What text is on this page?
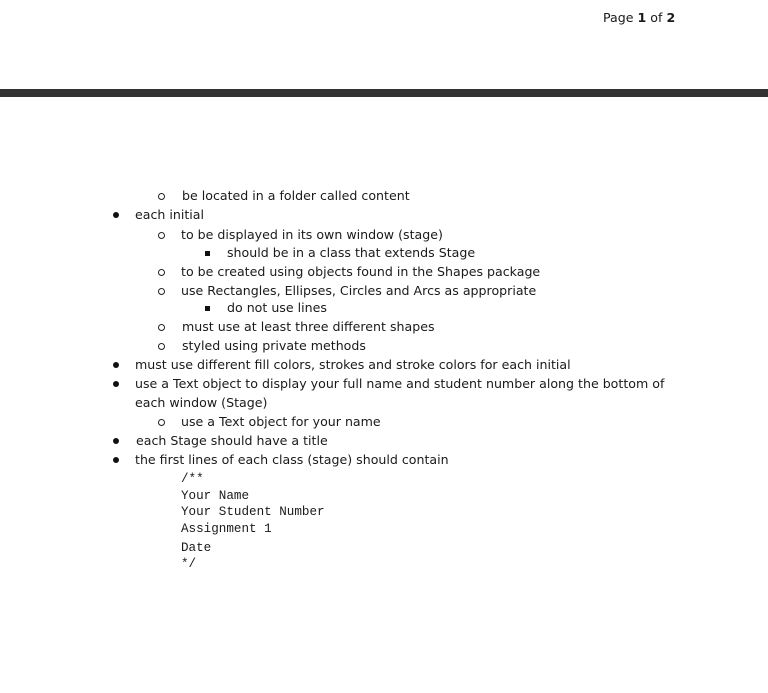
Page 1 of 2
be located in a folder called content
each initial
to be displayed in its own window (stage)
should be in a class that extends Stage
to be created using objects found in the Shapes package
use Rectangles, Ellipses, Circles and Arcs as appropriate
do not use lines
must use at least three different shapes
styled using private methods
must use different fill colors, strokes and stroke colors for each initial
use a Text object to display your full name and student number along the bottom of
each window (Stage)
use a Text object for your name
each Stage should have a title
the first lines of each class (stage) should contain
/**
Your Name
Your Student Number
Assignment 1
Date
*/
